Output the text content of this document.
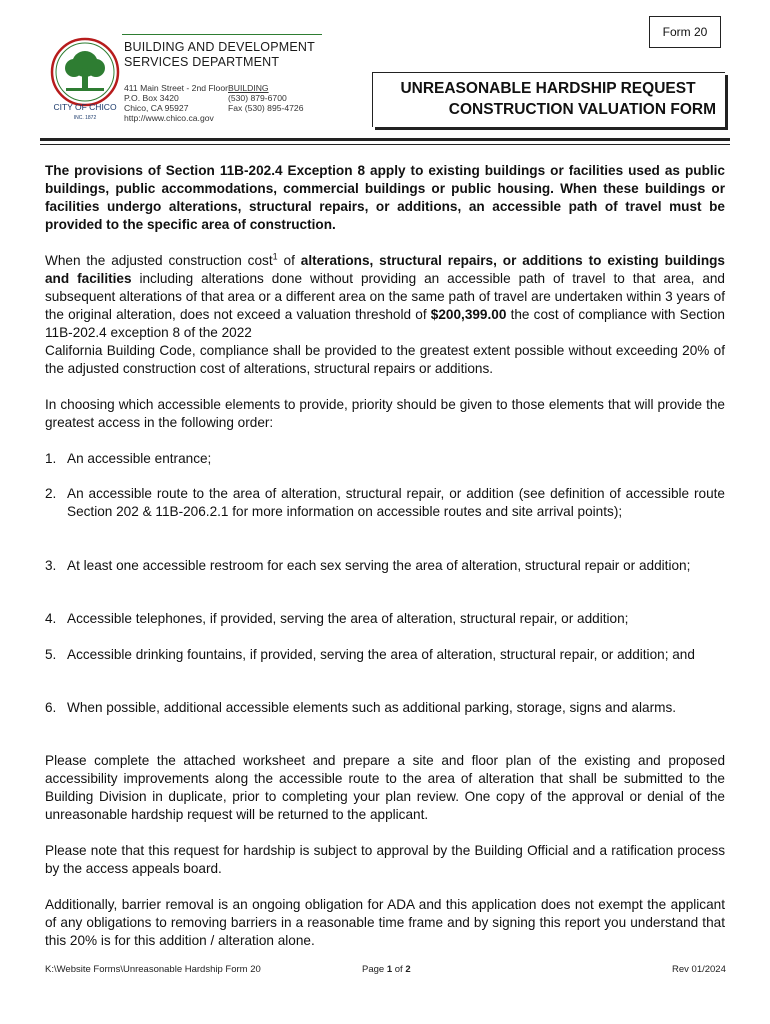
CITY OF CHICO
INC. 1872
BUILDING AND DEVELOPMENT
SERVICES DEPARTMENT
411 Main Street - 2nd Floor
P.O. Box 3420
Chico, CA 95927
http://www.chico.ca.gov
BUILDING
(530) 879-6700
Fax (530) 895-4726
Form 20
UNREASONABLE HARDSHIP REQUEST
CONSTRUCTION VALUATION FORM

The provisions of Section 11B-202.4 Exception 8 apply to existing buildings or facilities used as public buildings, public accommodations, commercial buildings or public housing. When these buildings or facilities undergo alterations, structural repairs, or additions, an accessible path of travel must be provided to the specific area of construction.

When the adjusted construction cost$^1$ of alterations, structural repairs, or additions to existing buildings and facilities including alterations done without providing an accessible path of travel to that area, and subsequent alterations of that area or a different area on the same path of travel are undertaken within 3 years of the original alteration, does not exceed a valuation threshold of $200,399.00 the cost of compliance with Section 11B-202.4 exception 8 of the 2022
California Building Code, compliance shall be provided to the greatest extent possible without exceeding 20% of the adjusted construction cost of alterations, structural repairs or additions.

In choosing which accessible elements to provide, priority should be given to those elements that will provide the greatest access in the following order:

1. An accessible entrance;
2. An accessible route to the area of alteration, structural repair, or addition (see definition of accessible route Section 202 & 11B-206.2.1 for more information on accessible routes and site arrival points);
3. At least one accessible restroom for each sex serving the area of alteration, structural repair or addition;
4. Accessible telephones, if provided, serving the area of alteration, structural repair, or addition;
5. Accessible drinking fountains, if provided, serving the area of alteration, structural repair, or addition; and
6. When possible, additional accessible elements such as additional parking, storage, signs and alarms.

Please complete the attached worksheet and prepare a site and floor plan of the existing and proposed accessibility improvements along the accessible route to the area of alteration that shall be submitted to the Building Division in duplicate, prior to completing your plan review. One copy of the approval or denial of the unreasonable hardship request will be returned to the applicant.

Please note that this request for hardship is subject to approval by the Building Official and a ratification process by the access appeals board.

Additionally, barrier removal is an ongoing obligation for ADA and this application does not exempt the applicant of any obligations to removing barriers in a reasonable time frame and by signing this report you understand that this 20% is for this addition / alteration alone.

K:\Website Forms\Unreasonable Hardship Form 20	Page 1 of 2	Rev 01/2024
